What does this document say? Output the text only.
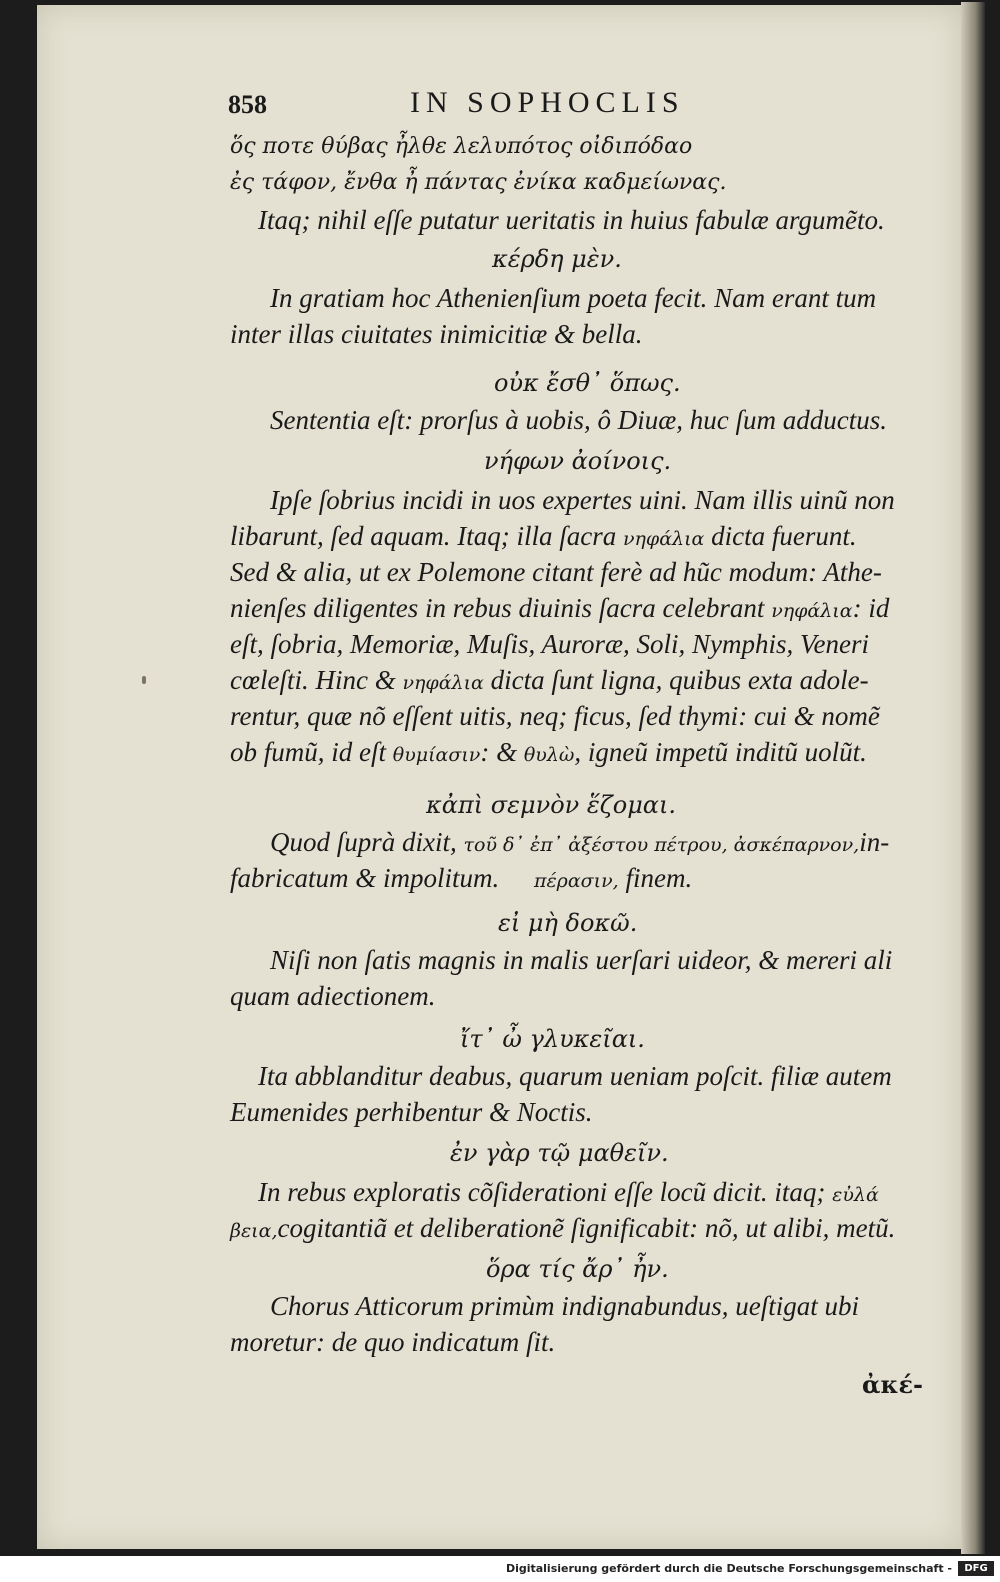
858	IN SOPHOCLIS
ὅς ποτε θύβας ἦλθε λελυπότος οἰδιπόδαο
ἐς τάφον, ἔνθα ἦ πάντας ἐνίκα καδμείωνας.
Itaq; nihil eſſe putatur ueritatis in huius fabulæ argumẽto.
κέρδη μὲν.
In gratiam hoc Athenienſium poeta fecit. Nam erant tum
inter illas ciuitates inimicitiæ & bella.
οὐκ ἔσθ᾽ ὅπως.
Sententia eſt: prorſus à uobis, ô Diuæ, huc ſum adductus.
νήφων ἀοίνοις.
Ipſe ſobrius incidi in uos expertes uini. Nam illis uinũ non
libarunt, ſed aquam. Itaq; illa ſacra νηφάλια dicta fuerunt.
Sed & alia, ut ex Polemone citant ferè ad hũc modum: Athe-
nienſes diligentes in rebus diuinis ſacra celebrant νηφάλια: id
eſt, ſobria, Memoriæ, Muſis, Auroræ, Soli, Nymphis, Veneri
cœleſti. Hinc & νηφάλια dicta ſunt ligna, quibus exta adole-
rentur, quæ nõ eſſent uitis, neq; ficus, ſed thymi: cui & nomẽ
ob fumũ, id eſt θυμίασιν: & θυλὼ, igneũ impetũ inditũ uolũt.
κἀπὶ σεμνὸν ἕζομαι.
Quod ſuprà dixit, τοῦ δ᾽ ἐπ᾽ ἀξέστου πέτρου, ἀσκέπαρνον,in-
fabricatum & impolitum. πέρασιν, finem.
εἰ μὴ δοκῶ.
Niſi non ſatis magnis in malis uerſari uideor, & mereri ali
quam adiectionem.
ἴτ᾽ ὦ γλυκεῖαι.
Ita abblanditur deabus, quarum ueniam poſcit. filiæ autem
Eumenides perhibentur & Noctis.
ἐν γὰρ τῷ μαθεῖν.
In rebus exploratis cõſiderationi eſſe locũ dicit. itaq; εὐλά
βεια,cogitantiã et deliberationẽ ſignificabit: nõ, ut alibi, metũ.
ὅρα τίς ἄρ᾽ ἦν.
Chorus Atticorum primùm indignabundus, ueſtigat ubi
moretur: de quo indicatum ſit.
ἀκέ-
Digitalisierung gefördert durch die Deutsche Forschungsgemeinschaft -	DFG
